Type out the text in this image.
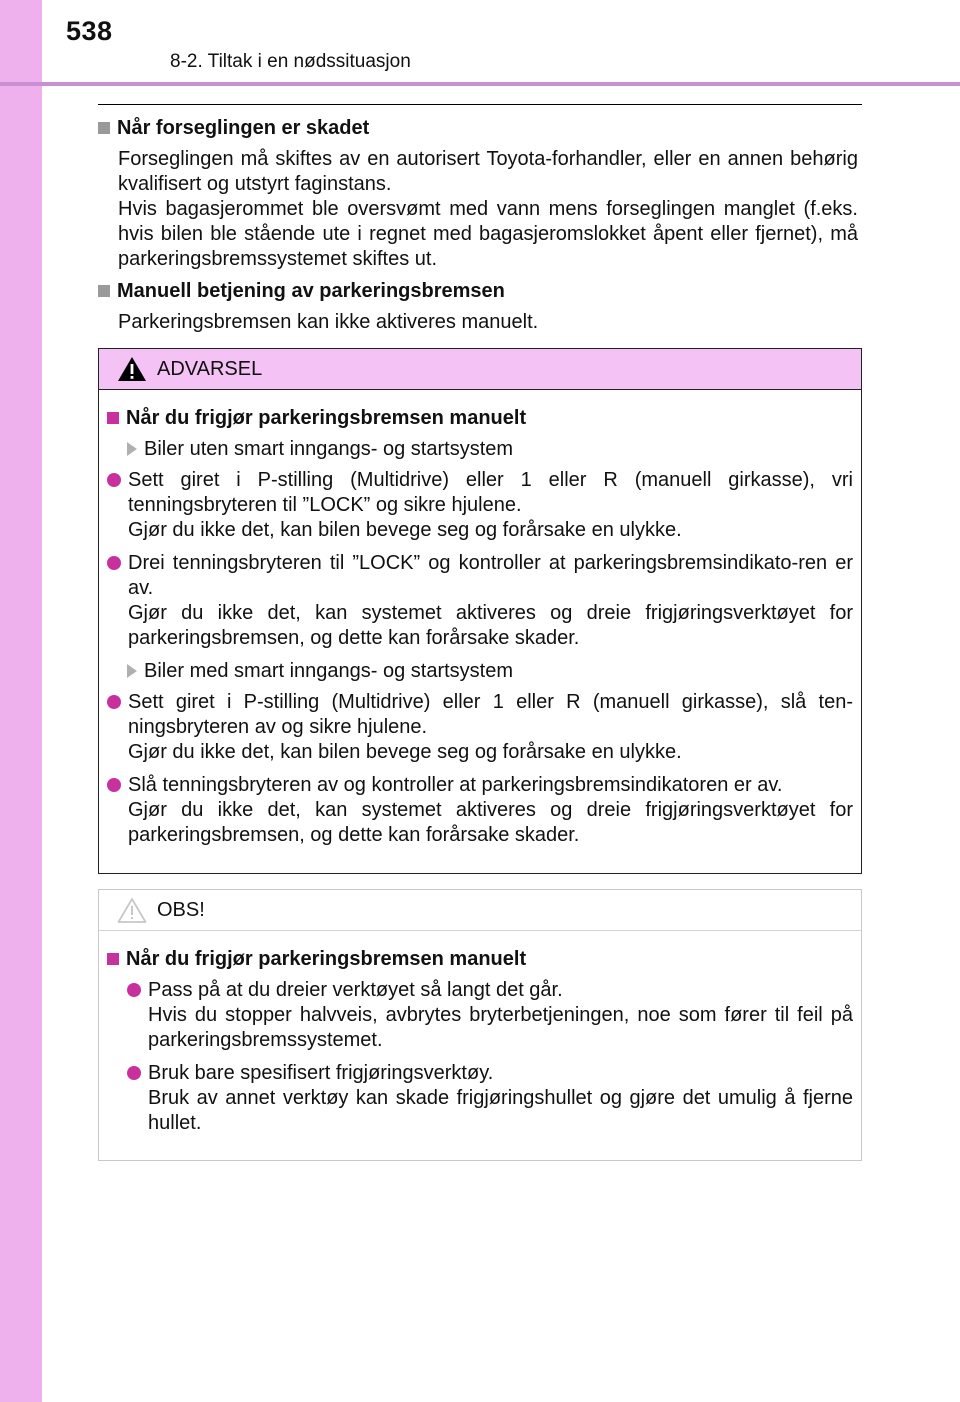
538
8-2. Tiltak i en nødssituasjon
Når forseglingen er skadet

Forseglingen må skiftes av en autorisert Toyota-forhandler, eller en annen behørig kvalifisert og utstyrt faginstans.

Hvis bagasjerommet ble oversvømt med vann mens forseglingen manglet (f.eks. hvis bilen ble stående ute i regnet med bagasjeromslokket åpent eller fjernet), må parkeringsbremssystemet skiftes ut.

Manuell betjening av parkeringsbremsen

Parkeringsbremsen kan ikke aktiveres manuelt.

ADVARSEL
Når du frigjør parkeringsbremsen manuelt
Biler uten smart inngangs- og startsystem

Sett giret i P-stilling (Multidrive) eller 1 eller R (manuell girkasse), vri tenningsbryteren til ”LOCK” og sikre hjulene.

Gjør du ikke det, kan bilen bevege seg og forårsake en ulykke.

Drei tenningsbryteren til ”LOCK” og kontroller at parkeringsbremsindikato-ren er av.

Gjør du ikke det, kan systemet aktiveres og dreie frigjøringsverktøyet for parkeringsbremsen, og dette kan forårsake skader.

Biler med smart inngangs- og startsystem

Sett giret i P-stilling (Multidrive) eller 1 eller R (manuell girkasse), slå ten-ningsbryteren av og sikre hjulene.

Gjør du ikke det, kan bilen bevege seg og forårsake en ulykke.

Slå tenningsbryteren av og kontroller at parkeringsbremsindikatoren er av.

Gjør du ikke det, kan systemet aktiveres og dreie frigjøringsverktøyet for parkeringsbremsen, og dette kan forårsake skader.

OBS!
Når du frigjør parkeringsbremsen manuelt

Pass på at du dreier verktøyet så langt det går.

Hvis du stopper halvveis, avbrytes bryterbetjeningen, noe som fører til feil på parkeringsbremssystemet.

Bruk bare spesifisert frigjøringsverktøy.

Bruk av annet verktøy kan skade frigjøringshullet og gjøre det umulig å fjerne hullet.
